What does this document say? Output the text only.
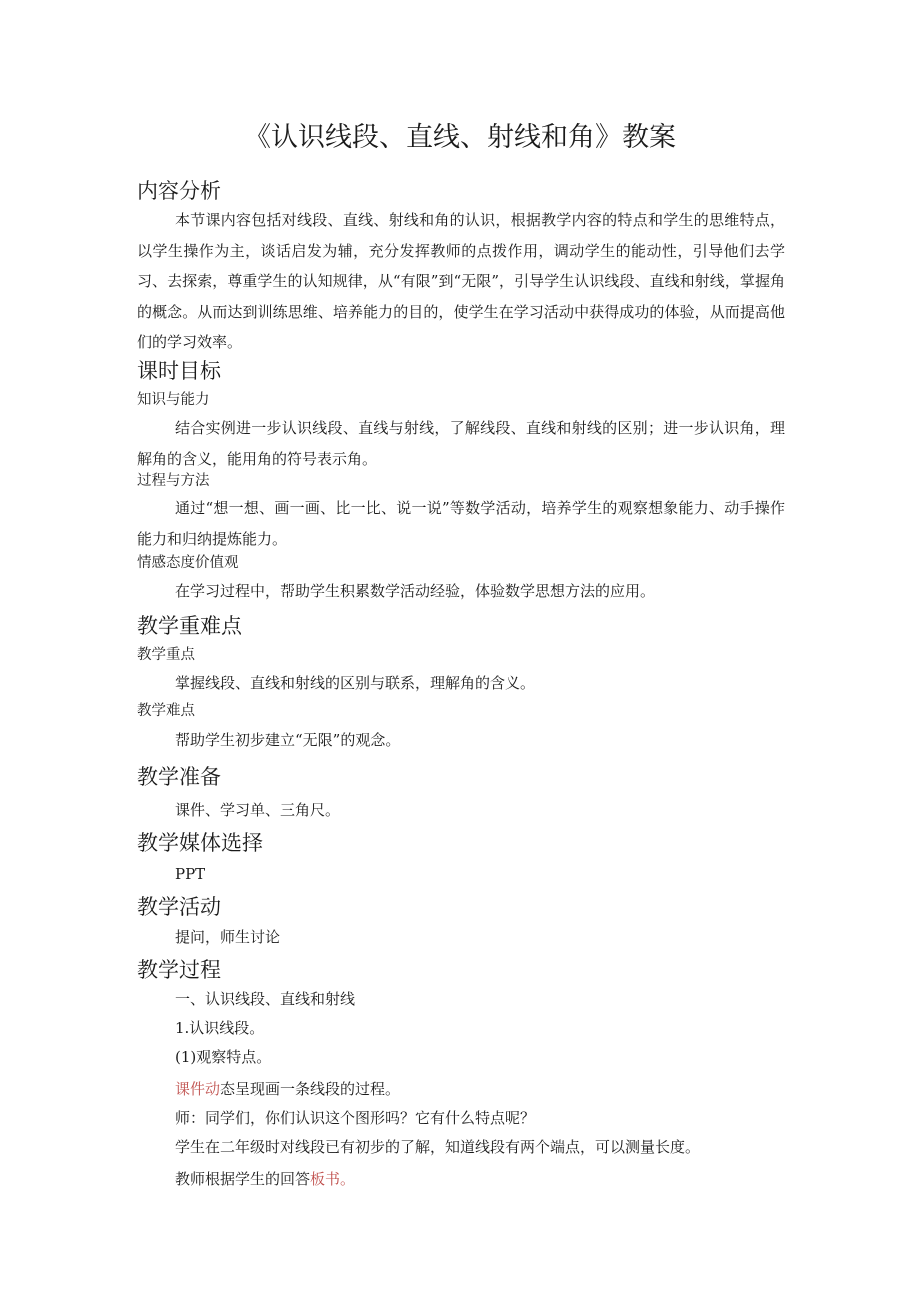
《认识线段、直线、射线和角》教案
内容分析

本节课内容包括对线段、直线、射线和角的认识，根据教学内容的特点和学生的思维特点，以学生操作为主，谈话启发为辅，充分发挥教师的点拨作用，调动学生的能动性，引导他们去学习、去探索，尊重学生的认知规律，从“有限”到“无限”，引导学生认识线段、直线和射线，掌握角的概念。从而达到训练思维、培养能力的目的，使学生在学习活动中获得成功的体验，从而提高他们的学习效率。

课时目标
知识与能力

结合实例进一步认识线段、直线与射线，了解线段、直线和射线的区别；进一步认识角，理解角的含义，能用角的符号表示角。

过程与方法

通过“想一想、画一画、比一比、说一说”等数学活动，培养学生的观察想象能力、动手操作能力和归纳提炼能力。

情感态度价值观
在学习过程中，帮助学生积累数学活动经验，体验数学思想方法的应用。
教学重难点
教学重点
掌握线段、直线和射线的区别与联系，理解角的含义。
教学难点
帮助学生初步建立“无限”的观念。
教学准备
课件、学习单、三角尺。
教学媒体选择
PPT
教学活动
提问，师生讨论
教学过程
一、认识线段、直线和射线
1.认识线段。
(1)观察特点。
课件动态呈现画一条线段的过程。
师：同学们，你们认识这个图形吗？它有什么特点呢？
学生在二年级时对线段已有初步的了解，知道线段有两个端点，可以测量长度。
教师根据学生的回答板书。
